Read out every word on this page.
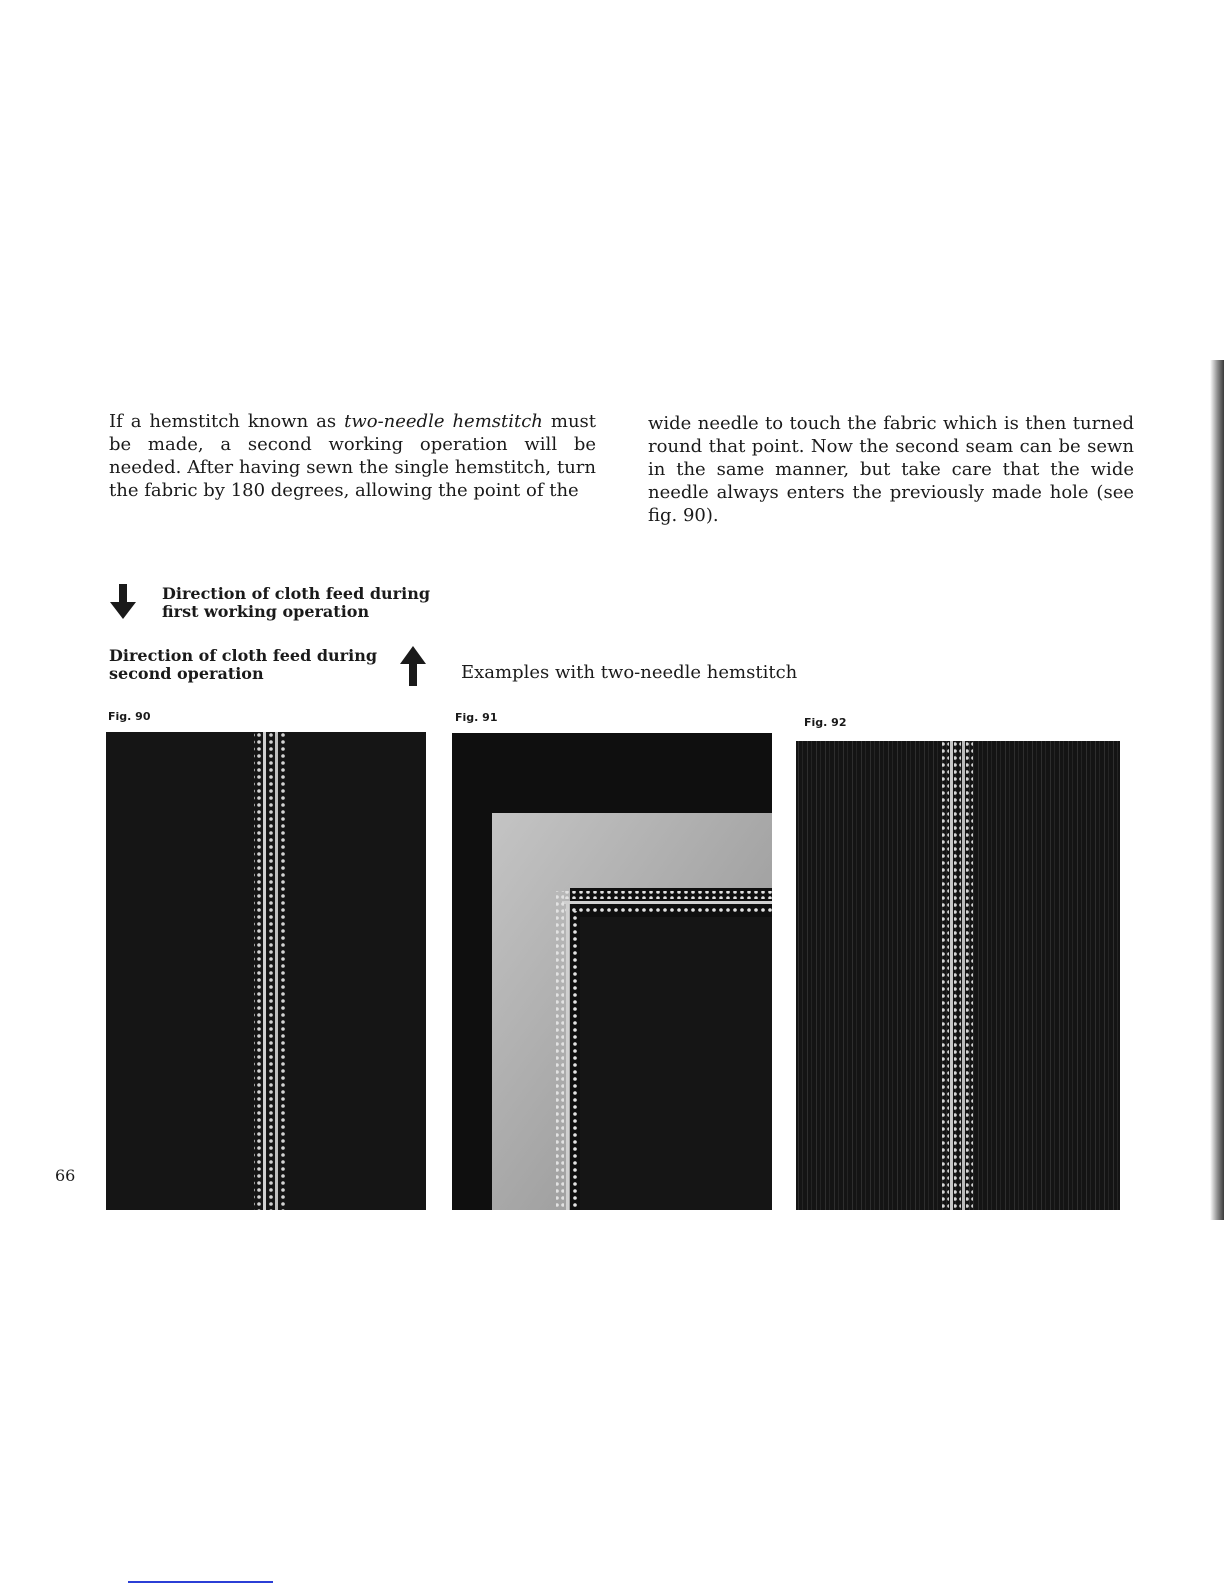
If a hemstitch known as two-needle hemstitch must be made, a second working operation will be needed. After having sewn the single hemstitch, turn the fabric by 180 degrees, allowing the point of the

wide needle to touch the fabric which is then turned round that point. Now the second seam can be sewn in the same manner, but take care that the wide needle always enters the previously made hole (see fig. 90).

Direction of cloth feed during
first working operation
Direction of cloth feed during
second operation	Examples with two-needle hemstitch
Fig. 90	Fig. 91	Fig. 92
66
